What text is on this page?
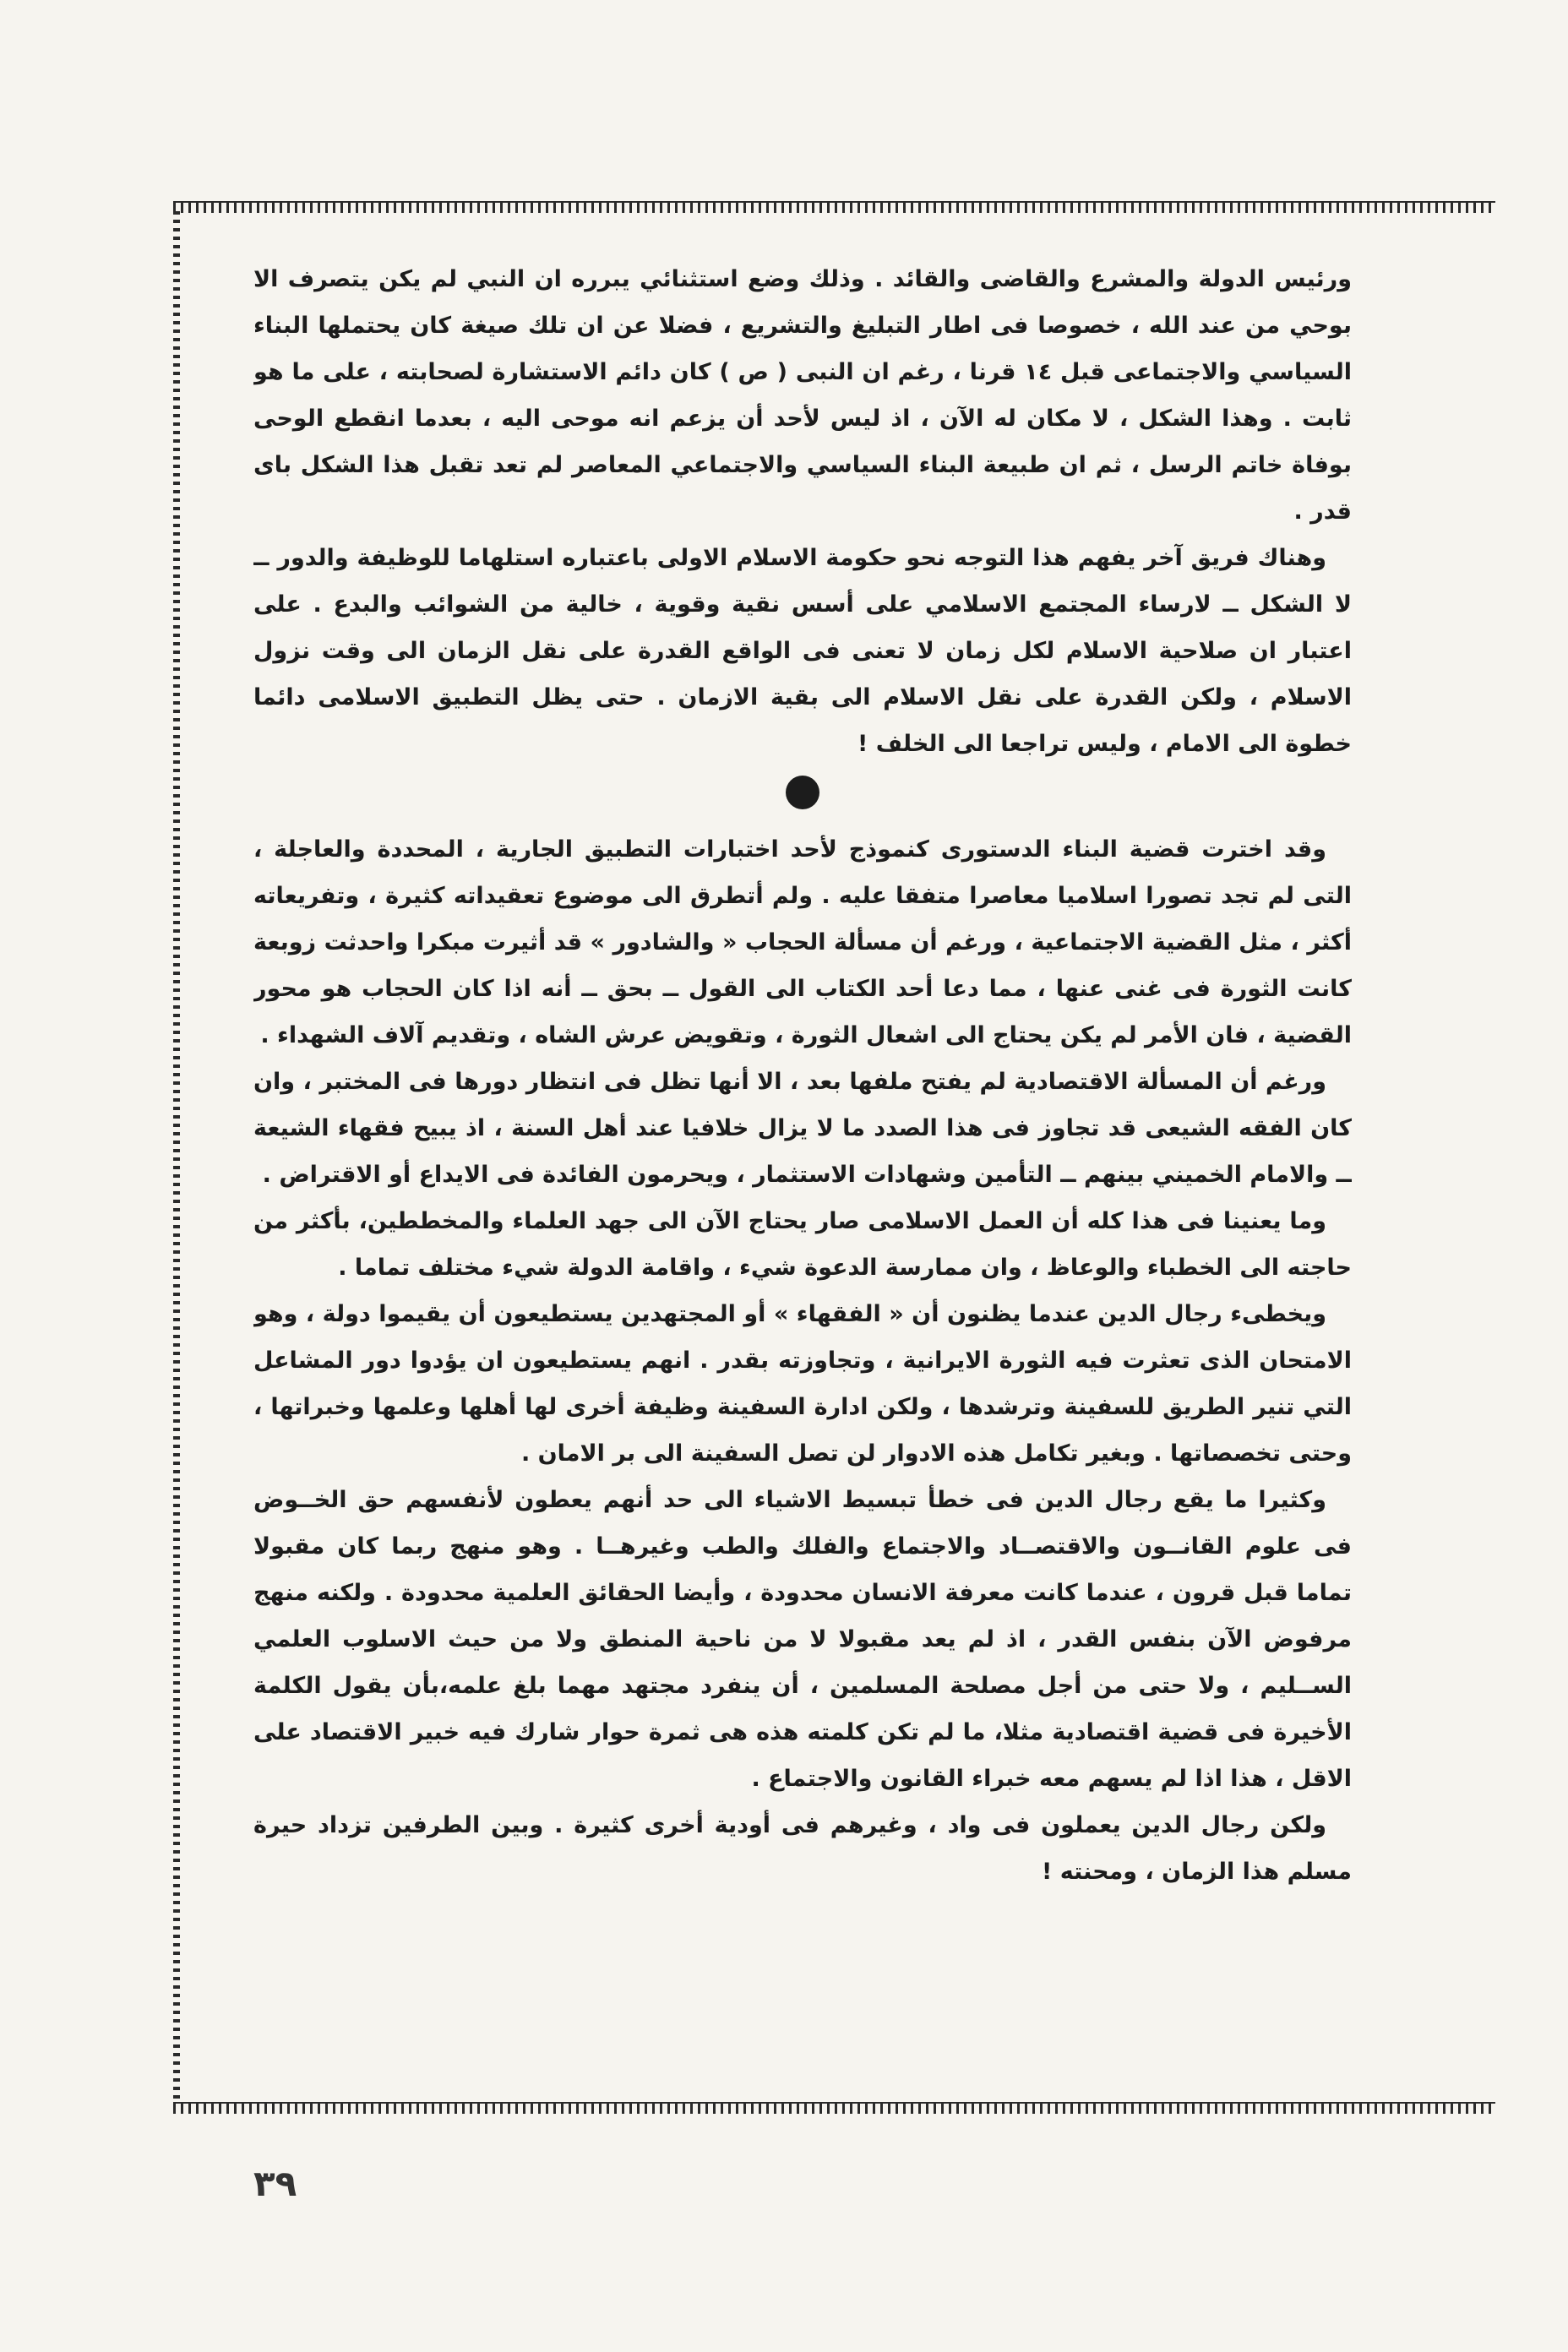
ورئيس الدولة والمشرع والقاضى والقائد . وذلك وضع استثنائي يبرره ان النبي لم يكن يتصرف الا بوحي من عند الله ، خصوصا فى اطار التبليغ والتشريع ، فضلا عن ان تلك صيغة كان يحتملها البناء السياسي والاجتماعى قبل ١٤ قرنا ، رغم ان النبى ( ص ) كان دائم الاستشارة لصحابته ، على ما هو ثابت . وهذا الشكل ، لا مكان له الآن ، اذ ليس لأحد أن يزعم انه موحى اليه ، بعدما انقطع الوحى بوفاة خاتم الرسل ، ثم ان طبيعة البناء السياسي والاجتماعي المعاصر لم تعد تقبل هذا الشكل باى قدر .

وهناك فريق آخر يفهم هذا التوجه نحو حكومة الاسلام الاولى باعتباره استلهاما للوظيفة والدور ــ لا الشكل ــ لارساء المجتمع الاسلامي على أسس نقية وقوية ، خالية من الشوائب والبدع . على اعتبار ان صلاحية الاسلام لكل زمان لا تعنى فى الواقع القدرة على نقل الزمان الى وقت نزول الاسلام ، ولكن القدرة على نقل الاسلام الى بقية الازمان . حتى يظل التطبيق الاسلامى دائما خطوة الى الامام ، وليس تراجعا الى الخلف !

وقد اخترت قضية البناء الدستورى كنموذج لأحد اختبارات التطبيق الجارية ، المحددة والعاجلة ، التى لم تجد تصورا اسلاميا معاصرا متفقا عليه . ولم أتطرق الى موضوع تعقيداته كثيرة ، وتفريعاته أكثر ، مثل القضية الاجتماعية ، ورغم أن مسألة الحجاب « والشادور » قد أثيرت مبكرا واحدثت زوبعة كانت الثورة فى غنى عنها ، مما دعا أحد الكتاب الى القول ــ بحق ــ أنه اذا كان الحجاب هو محور القضية ، فان الأمر لم يكن يحتاج الى اشعال الثورة ، وتقويض عرش الشاه ، وتقديم آلاف الشهداء .

ورغم أن المسألة الاقتصادية لم يفتح ملفها بعد ، الا أنها تظل فى انتظار دورها فى المختبر ، وان كان الفقه الشيعى قد تجاوز فى هذا الصدد ما لا يزال خلافيا عند أهل السنة ، اذ يبيح فقهاء الشيعة ــ والامام الخميني بينهم ــ التأمين وشهادات الاستثمار ، ويحرمون الفائدة فى الايداع أو الاقتراض .

وما يعنينا فى هذا كله أن العمل الاسلامى صار يحتاج الآن الى جهد العلماء والمخططين، بأكثر من حاجته الى الخطباء والوعاظ ، وان ممارسة الدعوة شيء ، واقامة الدولة شيء مختلف تماما .

ويخطىء رجال الدين عندما يظنون أن « الفقهاء » أو المجتهدين يستطيعون أن يقيموا دولة ، وهو الامتحان الذى تعثرت فيه الثورة الايرانية ، وتجاوزته بقدر . انهم يستطيعون ان يؤدوا دور المشاعل التي تنير الطريق للسفينة وترشدها ، ولكن ادارة السفينة وظيفة أخرى لها أهلها وعلمها وخبراتها ، وحتى تخصصاتها . وبغير تكامل هذه الادوار لن تصل السفينة الى بر الامان .

وكثيرا ما يقع رجال الدين فى خطأ تبسيط الاشياء الى حد أنهم يعطون لأنفسهم حق الخــوض فى علوم القانــون والاقتصــاد والاجتماع والفلك والطب وغيرهــا . وهو منهج ربما كان مقبولا تماما قبل قرون ، عندما كانت معرفة الانسان محدودة ، وأيضا الحقائق العلمية محدودة . ولكنه منهج مرفوض الآن بنفس القدر ، اذ لم يعد مقبولا لا من ناحية المنطق ولا من حيث الاسلوب العلمي الســليم ، ولا حتى من أجل مصلحة المسلمين ، أن ينفرد مجتهد مهما بلغ علمه،بأن يقول الكلمة الأخيرة فى قضية اقتصادية مثلا، ما لم تكن كلمته هذه هى ثمرة حوار شارك فيه خبير الاقتصاد على الاقل ، هذا اذا لم يسهم معه خبراء القانون والاجتماع .

ولكن رجال الدين يعملون فى واد ، وغيرهم فى أودية أخرى كثيرة . وبين الطرفين تزداد حيرة مسلم هذا الزمان ، ومحنته !

٣٩
